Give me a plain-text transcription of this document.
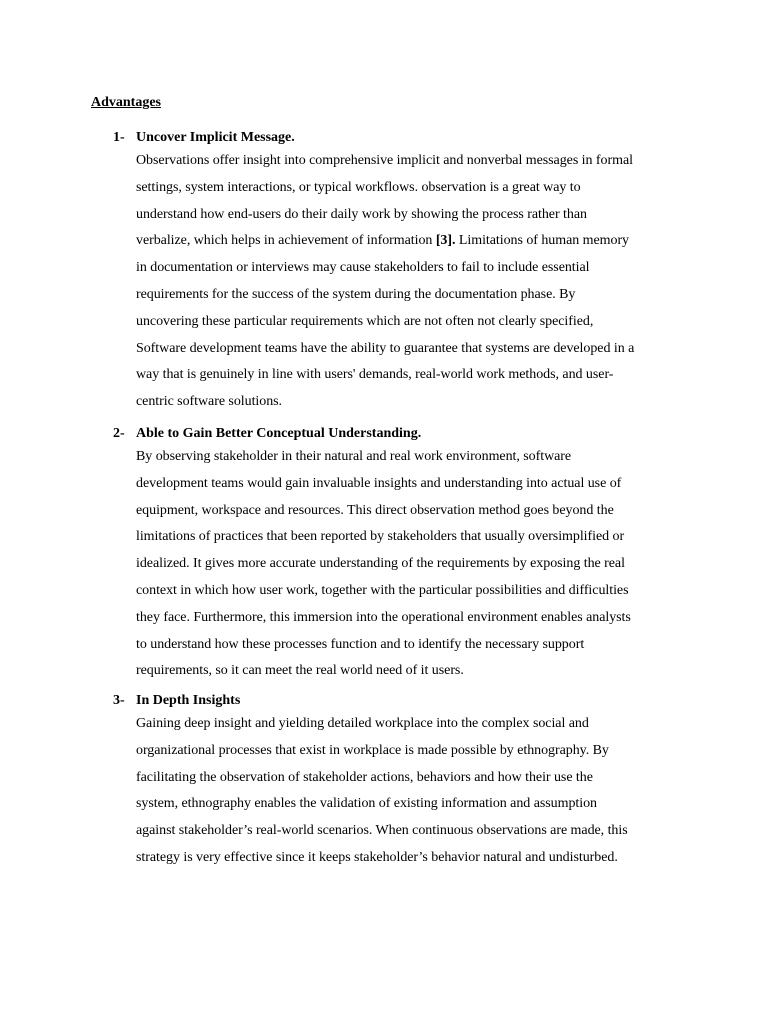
Advantages
1- Uncover Implicit Message.
Observations offer insight into comprehensive implicit and nonverbal messages in formal
settings, system interactions, or typical workflows. observation is a great way to
understand how end-users do their daily work by showing the process rather than
verbalize, which helps in achievement of information [3]. Limitations of human memory
in documentation or interviews may cause stakeholders to fail to include essential
requirements for the success of the system during the documentation phase. By
uncovering these particular requirements which are not often not clearly specified,
Software development teams have the ability to guarantee that systems are developed in a
way that is genuinely in line with users' demands, real-world work methods, and user-
centric software solutions.
2- Able to Gain Better Conceptual Understanding.
By observing stakeholder in their natural and real work environment, software
development teams would gain invaluable insights and understanding into actual use of
equipment, workspace and resources. This direct observation method goes beyond the
limitations of practices that been reported by stakeholders that usually oversimplified or
idealized. It gives more accurate understanding of the requirements by exposing the real
context in which how user work, together with the particular possibilities and difficulties
they face. Furthermore, this immersion into the operational environment enables analysts
to understand how these processes function and to identify the necessary support
requirements, so it can meet the real world need of it users.
3- In Depth Insights
Gaining deep insight and yielding detailed workplace into the complex social and
organizational processes that exist in workplace is made possible by ethnography. By
facilitating the observation of stakeholder actions, behaviors and how their use the
system, ethnography enables the validation of existing information and assumption
against stakeholder’s real-world scenarios. When continuous observations are made, this
strategy is very effective since it keeps stakeholder’s behavior natural and undisturbed.
